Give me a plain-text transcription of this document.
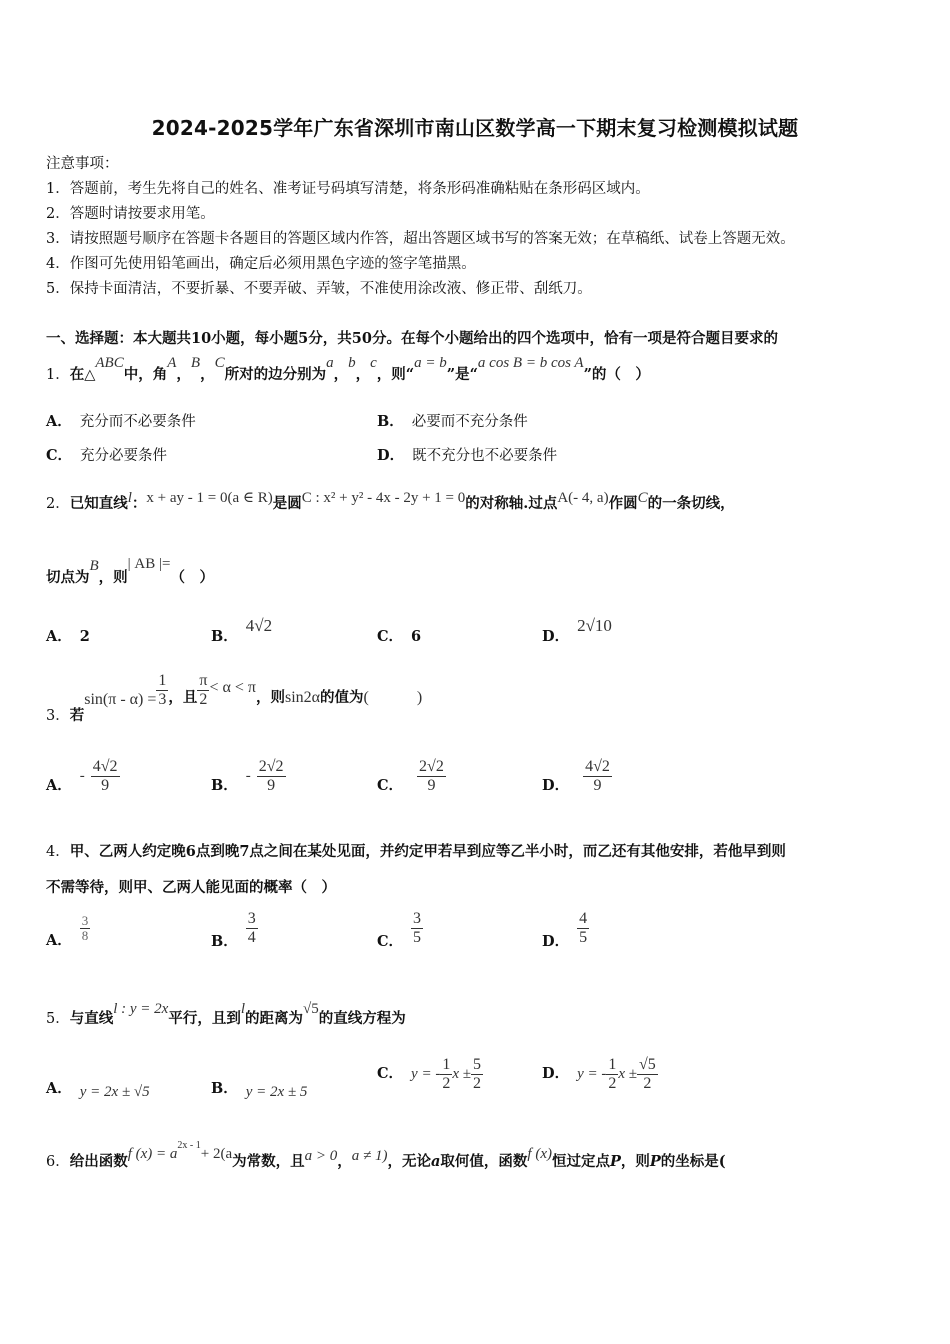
2024-2025学年广东省深圳市南山区数学高一下期末复习检测模拟试题
注意事项：
1．答题前，考生先将自己的姓名、准考证号码填写清楚，将条形码准确粘贴在条形码区域内。
2．答题时请按要求用笔。
3．请按照题号顺序在答题卡各题目的答题区域内作答，超出答题区域书写的答案无效；在草稿纸、试卷上答题无效。
4．作图可先使用铅笔画出，确定后必须用黑色字迹的签字笔描黑。
5．保持卡面清洁，不要折暴、不要弄破、弄皱，不准使用涂改液、修正带、刮纸刀。
一、选择题：本大题共10小题，每小题5分，共50分。在每个小题给出的四个选项中，恰有一项是符合题目要求的
1．在△ABC中，角A，B，C所对的边分别为a，b，c，则“a = b”是“a cos B = b cos A”的（　）
A． 充分而不必要条件	B． 必要而不充分条件
C． 充分必要条件	D． 既不充分也不必要条件
2．已知直线l：x + ay - 1 = 0(a ∈ R)是圆C : x² + y² - 4x - 2y + 1 = 0的对称轴.过点A(- 4, a)作圆C的一条切线，
切点为B，则| AB |=（　）
A． 2	B．4√2
C． 6	D．2√10
3．若$\sin(\pi - \alpha) = \frac{1}{3}$ ，且 $\frac{\pi}{2} < \alpha < \pi$，则sin2α的值为(　　　)
A．- $\frac{4√2}{9}$	B．- $\frac{2√2}{9}$	C． $\frac{2√2}{9}$	D． $\frac{4√2}{9}$
4．甲、乙两人约定晚6点到晚7点之间在某处见面，并约定甲若早到应等乙半小时，而乙还有其他安排，若他早到则
不需等待，则甲、乙两人能见面的概率（　）
A． $\frac{3}{8}$	B． $\frac{3}{4}$	C． $\frac{3}{5}$	D． $\frac{4}{5}$
5．与直线l : y = 2x平行，且到l的距离为√5的直线方程为
A． y = 2x ± √5	B． y = 2x ± 5
C． y = - $\frac{1}{2}$ $x \pm \frac{5}{2}$	D． y = - $\frac{1}{2}$ $x \pm \frac{√5}{2}$
6．给出函数f $(x) = a^{2x - 1}+ 2(a$为常数，且a > 0，a ≠ 1)，无论a取何值，函数f (x)恒过定点P，则P的坐标是(
